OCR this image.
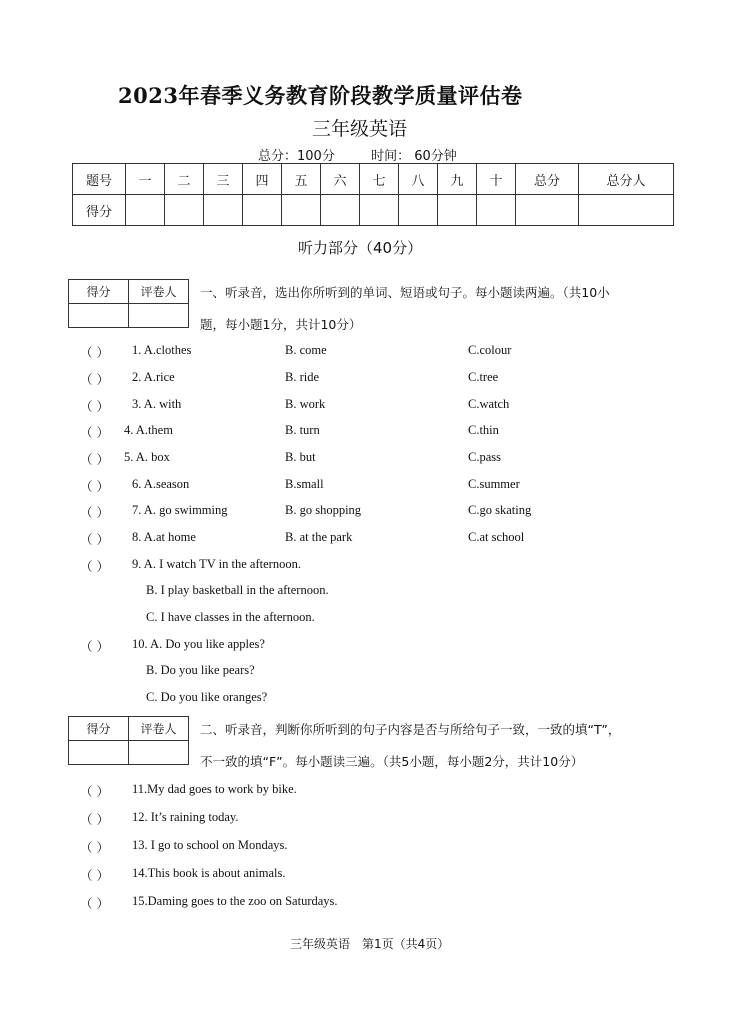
2023年春季义务教育阶段教学质量评估卷
三年级英语
总分：100分	时间： 60分钟
题号	一	二	三	四	五	六	七	八	九	十	总分	总分人
得分												
听力部分（40分）
得分	评卷人
	一、听录音，选出你所听到的单词、短语或句子。每小题读两遍。（共10小
题，每小题1分，共计10分）
（ ） 1. A.clothes	B. come	C.colour
（ ） 2. A.rice	B. ride	C.tree
（ ） 3. A. with	B. work	C.watch
（ ） 4. A.them	B. turn	C.thin
（ ） 5. A. box	B. but	C.pass
（ ） 6. A.season	B.small	C.summer
（ ） 7. A. go swimming	B. go shopping	C.go skating
（ ） 8. A.at home	B. at the park	C.at school
（ ） 9. A. I watch TV in the afternoon.
B. I play basketball in the afternoon.
C. I have classes in the afternoon.
（ ） 10. A. Do you like apples?
B. Do you like pears?
C. Do you like oranges?
得分	评卷人
	二、听录音，判断你所听到的句子内容是否与所给句子一致，一致的填“T”，
不一致的填“F”。每小题读三遍。（共5小题，每小题2分，共计10分）
（ ） 11.My dad goes to work by bike.
（ ） 12. It’s raining today.
（ ） 13. I go to school on Mondays.
（ ） 14.This book is about animals.
（ ） 15.Daming goes to the zoo on Saturdays.
三年级英语　第1页（共4页）
